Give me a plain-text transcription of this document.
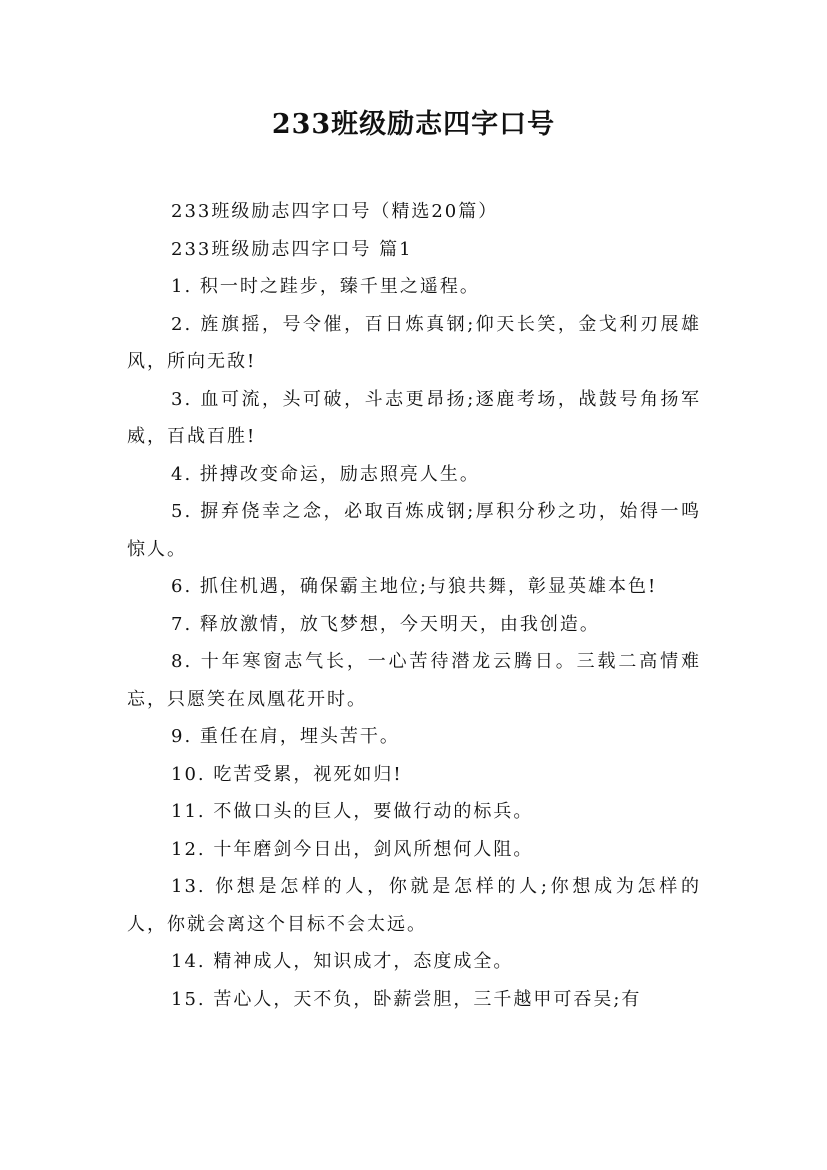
233班级励志四字口号

233班级励志四字口号（精选20篇）

233班级励志四字口号 篇1

1. 积一时之跬步，臻千里之遥程。

2. 旌旗摇，号令催，百日炼真钢;仰天长笑，金戈利刃展雄风，所向无敌!

3. 血可流，头可破，斗志更昂扬;逐鹿考场，战鼓号角扬军威，百战百胜!

4. 拼搏改变命运，励志照亮人生。

5. 摒弃侥幸之念，必取百炼成钢;厚积分秒之功，始得一鸣惊人。

6. 抓住机遇，确保霸主地位;与狼共舞，彰显英雄本色!

7. 释放激情，放飞梦想，今天明天，由我创造。

8. 十年寒窗志气长，一心苦待潜龙云腾日。三载二高情难忘，只愿笑在凤凰花开时。

9. 重任在肩，埋头苦干。

10. 吃苦受累，视死如归!

11. 不做口头的巨人，要做行动的标兵。

12. 十年磨剑今日出，剑风所想何人阻。

13. 你想是怎样的人，你就是怎样的人;你想成为怎样的人，你就会离这个目标不会太远。

14. 精神成人，知识成才，态度成全。

15. 苦心人，天不负，卧薪尝胆，三千越甲可吞吴;有
